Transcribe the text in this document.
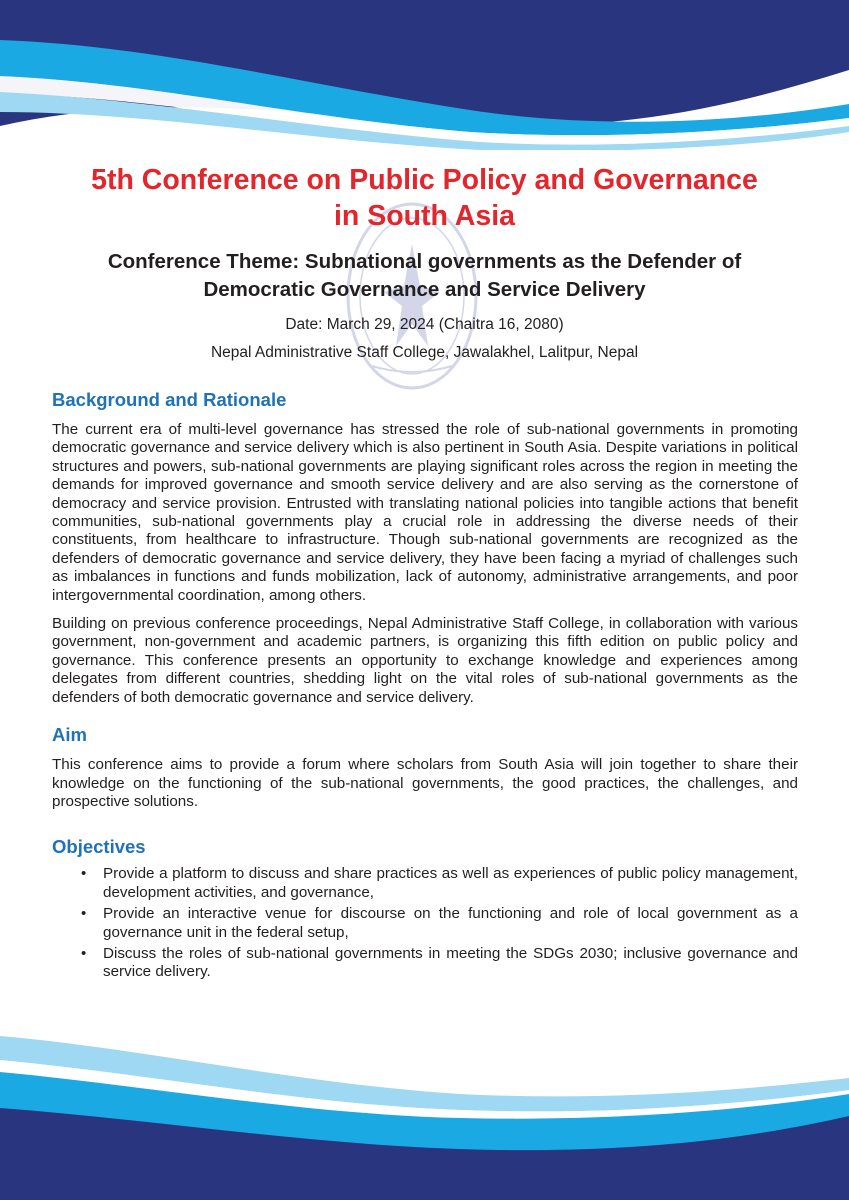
5th Conference on Public Policy and Governance
in South Asia
Conference Theme: Subnational governments as the Defender of
Democratic Governance and Service Delivery

Date: March 29, 2024 (Chaitra 16, 2080)

Nepal Administrative Staff College, Jawalakhel, Lalitpur, Nepal

Background and Rationale

The current era of multi-level governance has stressed the role of sub-national governments in promoting democratic governance and service delivery which is also pertinent in South Asia. Despite variations in political structures and powers, sub-national governments are playing significant roles across the region in meeting the demands for improved governance and smooth service delivery and are also serving as the cornerstone of democracy and service provision. Entrusted with translating national policies into tangible actions that benefit communities, sub-national governments play a crucial role in addressing the diverse needs of their constituents, from healthcare to infrastructure. Though sub-national governments are recognized as the defenders of democratic governance and service delivery, they have been facing a myriad of challenges such as imbalances in functions and funds mobilization, lack of autonomy, administrative arrangements, and poor intergovernmental coordination, among others.

Building on previous conference proceedings, Nepal Administrative Staff College, in collaboration with various government, non-government and academic partners, is organizing this fifth edition on public policy and governance. This conference presents an opportunity to exchange knowledge and experiences among delegates from different countries, shedding light on the vital roles of sub-national governments as the defenders of both democratic governance and service delivery.

Aim

This conference aims to provide a forum where scholars from South Asia will join together to share their knowledge on the functioning of the sub-national governments, the good practices, the challenges, and prospective solutions.

Objectives
• Provide a platform to discuss and share practices as well as experiences of public policy management, development activities, and governance,
• Provide an interactive venue for discourse on the functioning and role of local government as a governance unit in the federal setup,
• Discuss the roles of sub-national governments in meeting the SDGs 2030; inclusive governance and service delivery.
